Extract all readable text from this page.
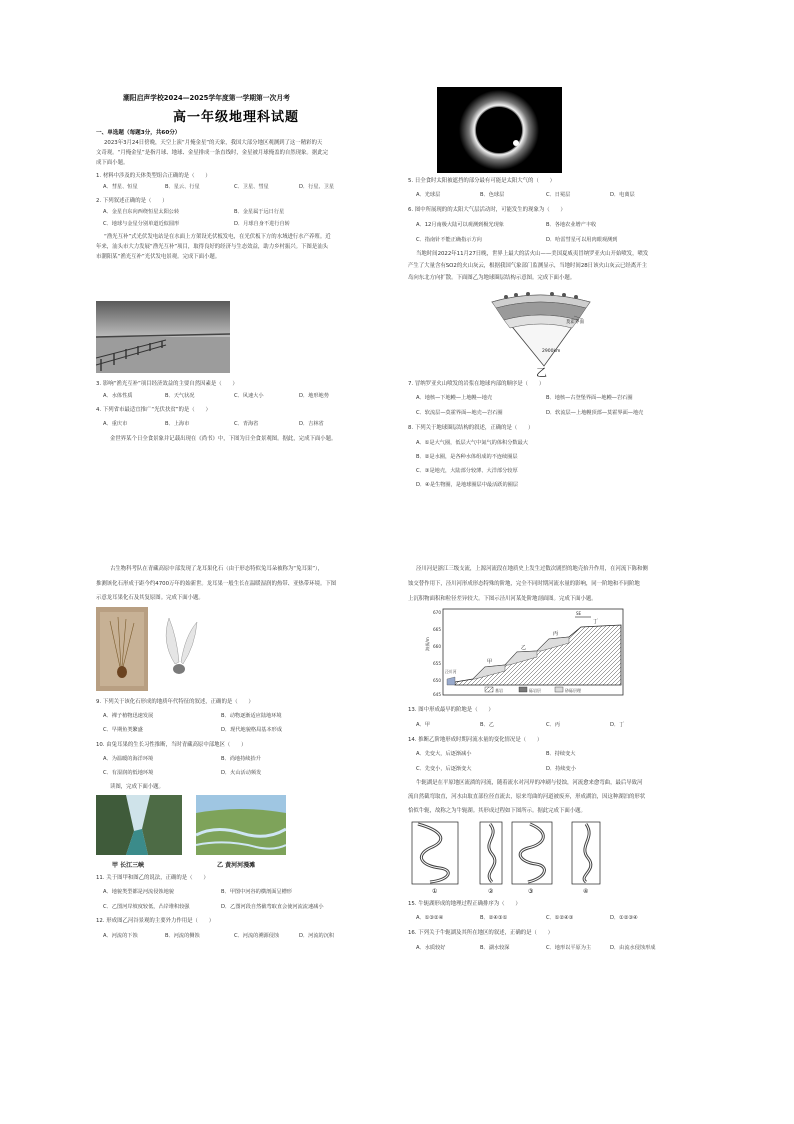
潮阳启声学校2024—2025学年度第一学期第一次月考
高一年级地理科试题
一、单选题（每题3分，共60分）
2023年3月24日傍晚，天空上演“月掩金星”的天象，我国大部分地区观测到了这一精彩的天
文奇观。“月掩金星”是指月球、地球、金星排成一条直线时，金星被月球掩盖的自然现象。据此完
成下面小题。
1. 材料中涉及的天体类型组合正确的是（　　）
A．彗星、恒星	B．星云、行星	C．卫星、彗星	D．行星、卫星
2. 下列叙述正确的是（　　）
A．金星自东向西绕恒星太阳公转	B．金星属于远日行星
C．地球与金星分别单道近似圆形	D．月球自身不进行自转
“渔光互补”式光伏发电站是在水面上方架设光伏板发电，在光伏板下方的水域进行水产养殖。近
年来，汕头市大力发展“渔光互补”项目，取得良好的经济与生态效益，助力乡村振兴。下图是汕头
市潮阳某“渔光互补”光伏发电景观。完成下面小题。
3. 影响“渔光互补”项目经济效益的主要自然因素是（　　）
A．水体性质	B．天气状况	C．风速大小	D．地形地势
4. 下列省市最适宜推广“光伏扶贫”的是（　　）
A．重庆市	B．上海市	C．青海省	D．吉林省
金世界某个日全食景象并记载出现在《尚书》中，下图为日全食景观图。据此，完成下面小题。
5. 日全食时太阳被遮挡的部分最有可能是太阳大气的（　　）
A．光球层	B．色球层	C．日冕层	D．电离层
6. 图中所展现的的太阳大气层活动时，可能发生的现象为（　　）
A．12月南极大陆可以观测到极光现象	B．各地农业增产丰收
C．指南针不能正确指示方向	D．哈雷彗星可以用肉眼观测到
当地时间2022年11月27日晚，世界上最大的活火山——美国夏威夷冒纳罗亚火山开始喷发，喷发
产生了大量含有SO2的火山灰云，根据我国气象部门监测显示，当地时间28日该火山灰云已经离开主
岛向东北方向扩散。下面图乙为地球圈层结构示意图。完成下面小题。
莫霍界面
2900km
乙
7. 冒纳罗亚火山喷发的岩浆在地球内部的顺序是（　　）
A．地核—下地幔—上地幔—地壳	B．地核—古登堡界面—地幔—岩石圈
C．软流层—莫霍界面—地壳—岩石圈	D．软流层—上地幔顶部—莫霍界面—地壳
8. 下列关于地球圈层结构的叙述，正确的是（　　）
A．①是大气圈，低层大气中氮气的体积分数最大
B．②是水圈，是各种水体组成的不连续圈层
C．③是地壳，大陆部分较薄、大洋部分较厚
D．④是生物圈，是地球圈层中最活跃的圈层
古生物科考队在青藏高原中部发现了龙耳果化石（由于形态特似兔耳朵被称为“兔耳果”），
推测该化石形成于距今约4700万年的始新世。龙耳果一般生长在温暖湿润的热带、亚热带环境。下图
示意龙耳果化石及其复原图。完成下面小题。
9. 下列关于该化石形成的地质年代特征的叙述，正确的是（　　）
A．裸子植物迅速发展	B．动物逐渐适应陆地环境
C．早期鱼类繁盛	D．现代地貌格局基本形成
10. 由兔耳果的生长习性推断，当时青藏高原中部地区（　　）
A．为温暖的海洋环境	B．尚地持续抬升
C．有湿润的低地环境	D．火山活动频发
读图，完成下面小题。
甲 长江三峡	乙 黄河河漫滩
11. 关于图甲和图乙的说法，正确的是（　　）
A．地貌类型都是河流侵蚀地貌	B．甲图中河谷的横剖面呈槽形
C．乙图河岸坡度较低，凸岸堆积较强	D．乙图河段自然截弯取直会使河流流速减小
12. 形成图乙河谷景观的主要外力作用是（　　）
A．河流的下蚀	B．河流的侧蚀	C．河流的溯源侵蚀	D．河流的沉积
泾川河是浙江三级支流，上源河流段在地质史上发生过数次剧烈的地壳抬升作用，在河流下陈和侧
蚀交替作用下，泾川河形成形态特殊的阶地，完全不同时期河流水量的影响，同一阶地和不同阶地
上沉积物面积和粒径差异较大。下图示泾川河某处阶地剖面图。完成下面小题。
670
665
660
655
650
645
海拔/m
甲
乙
丙
丁
泾川河
SE
基岩	砾岩层	砂砾层理
13. 图中形成最早的阶地是（　　）
A．甲	B．乙	C．丙	D．丁
14. 推断乙阶地形成时期河流水量的变化情况是（　　）
A．先变大，后逐渐减小	B．持续变大
C．先变小，后逐渐变大	D．持续变小
牛轭湖是在平原地区流淌的河流，随着流水对河岸的冲刷与侵蚀，河流愈来愈弯曲，最后导致河
流自然截弯取直，河水由取直部位径直流去，原来弯曲的河道被废弃，形成湖泊，因这种湖泊的形状
恰似牛轭，故称之为牛轭湖。其形成过程如下图所示。据此完成下面小题。
①	②	③	④
15. 牛轭湖形成的地理过程正确排序为（　　）
A．①③②④	B．②④③①	C．①②④③	D．①②③④
16. 下列关于牛轭湖及其所在地区的叙述，正确的是（　　）
A．水质较好	B．湖水较深	C．地形以平原为主	D．由流水侵蚀形成
